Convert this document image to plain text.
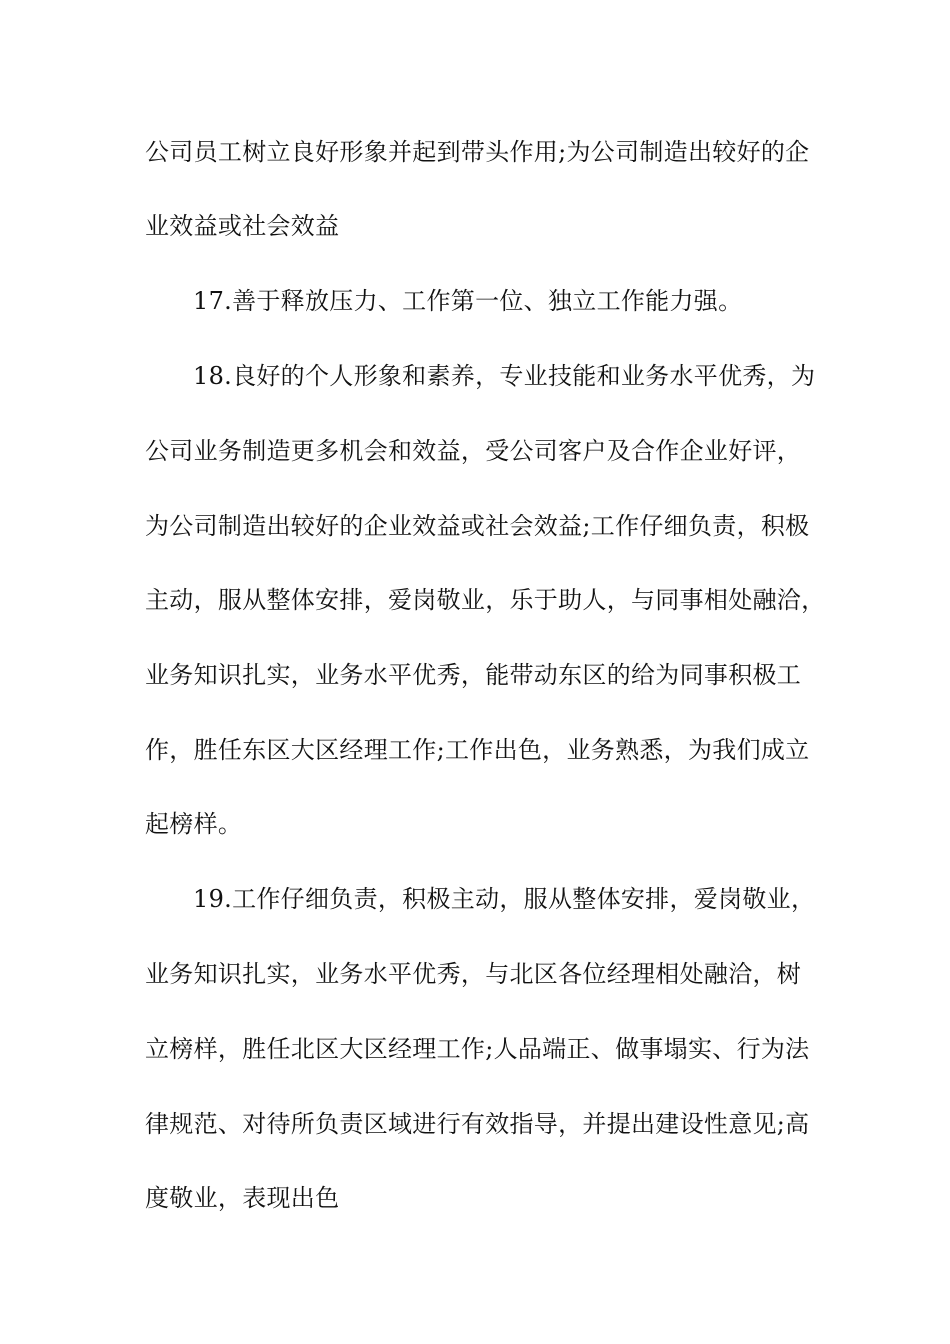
公司员工树立良好形象并起到带头作用;为公司制造出较好的企
业效益或社会效益
17.善于释放压力、工作第一位、独立工作能力强。
18.良好的个人形象和素养，专业技能和业务水平优秀，为
公司业务制造更多机会和效益，受公司客户及合作企业好评，
为公司制造出较好的企业效益或社会效益;工作仔细负责，积极
主动，服从整体安排，爱岗敬业，乐于助人，与同事相处融洽，
业务知识扎实，业务水平优秀，能带动东区的给为同事积极工
作，胜任东区大区经理工作;工作出色，业务熟悉，为我们成立
起榜样。
19.工作仔细负责，积极主动，服从整体安排，爱岗敬业，
业务知识扎实，业务水平优秀，与北区各位经理相处融洽，树
立榜样，胜任北区大区经理工作;人品端正、做事塌实、行为法
律规范、对待所负责区域进行有效指导，并提出建设性意见;高
度敬业，表现出色
